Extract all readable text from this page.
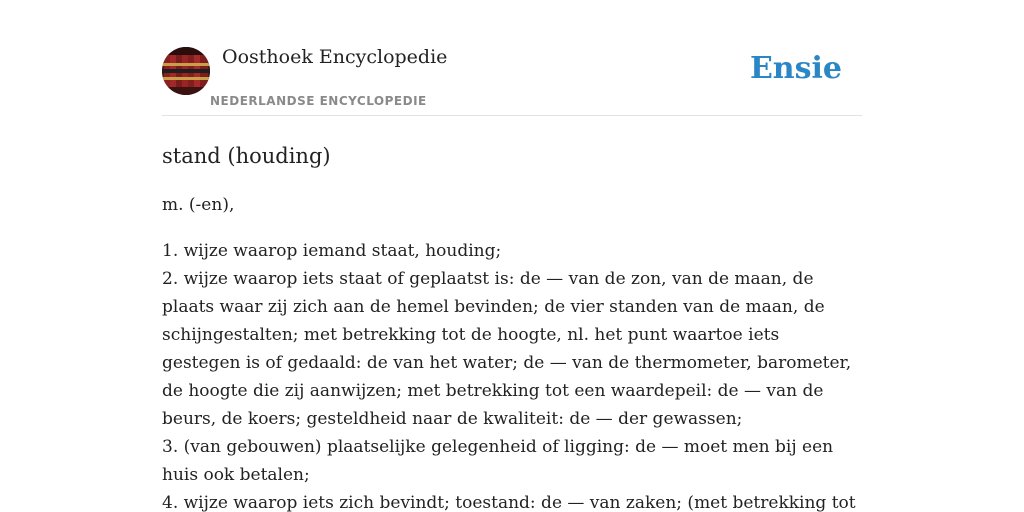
Oosthoek Encyclopedie
NEDERLANDSE ENCYCLOPEDIE
Ensie
stand (houding)

m. (-en),

1. wijze waarop iemand staat, houding;
2. wijze waarop iets staat of geplaatst is: de — van de zon, van de maan, de plaats waar zij zich aan de hemel bevinden; de vier standen van de maan, de schijngestalten; met betrekking tot de hoogte, nl. het punt waartoe iets gestegen is of gedaald: de van het water; de — van de thermometer, barometer, de hoogte die zij aanwijzen; met betrekking tot een waardepeil: de — van de beurs, de koers; gesteldheid naar de kwaliteit: de — der gewassen;
3. (van gebouwen) plaatselijke gelegenheid of ligging: de — moet men bij een huis ook betalen;
4. wijze waarop iets zich bevindt; toestand: de — van zaken; (met betrekking tot
